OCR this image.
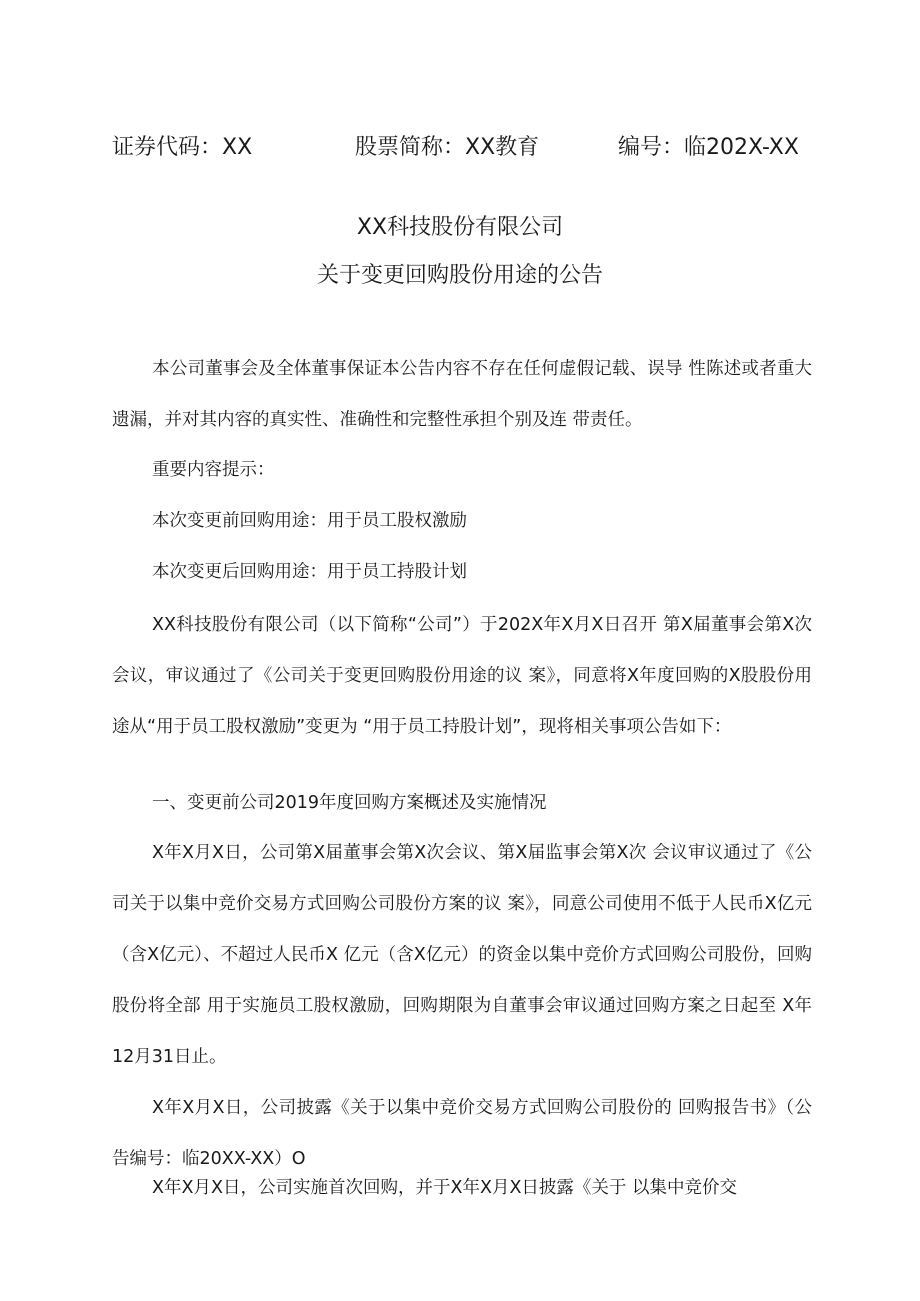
证券代码：XX	股票简称：XX教育	编号：临202X-XX
XX科技股份有限公司
关于变更回购股份用途的公告
本公司董事会及全体董事保证本公告内容不存在任何虚假记载、误导 性陈述或者重大遗漏，并对其内容的真实性、准确性和完整性承担个别及连 带责任。
重要内容提示：
本次变更前回购用途：用于员工股权激励
本次变更后回购用途：用于员工持股计划
XX科技股份有限公司（以下简称“公司”）于202X年X月X日召开 第X届董事会第X次会议，审议通过了《公司关于变更回购股份用途的议 案》，同意将X年度回购的X股股份用途从“用于员工股权激励”变更为 “用于员工持股计划”，现将相关事项公告如下：
一、变更前公司2019年度回购方案概述及实施情况
X年X月X日，公司第X届董事会第X次会议、第X届监事会第X次 会议审议通过了《公司关于以集中竞价交易方式回购公司股份方案的议 案》，同意公司使用不低于人民币X亿元（含X亿元）、不超过人民币X 亿元（含X亿元）的资金以集中竞价方式回购公司股份，回购股份将全部 用于实施员工股权激励，回购期限为自董事会审议通过回购方案之日起至 X年12月31日止。
X年X月X日，公司披露《关于以集中竞价交易方式回购公司股份的 回购报告书》（公告编号：临20XX-XX）O
X年X月X日，公司实施首次回购，并于X年X月X日披露《关于 以集中竞价交
